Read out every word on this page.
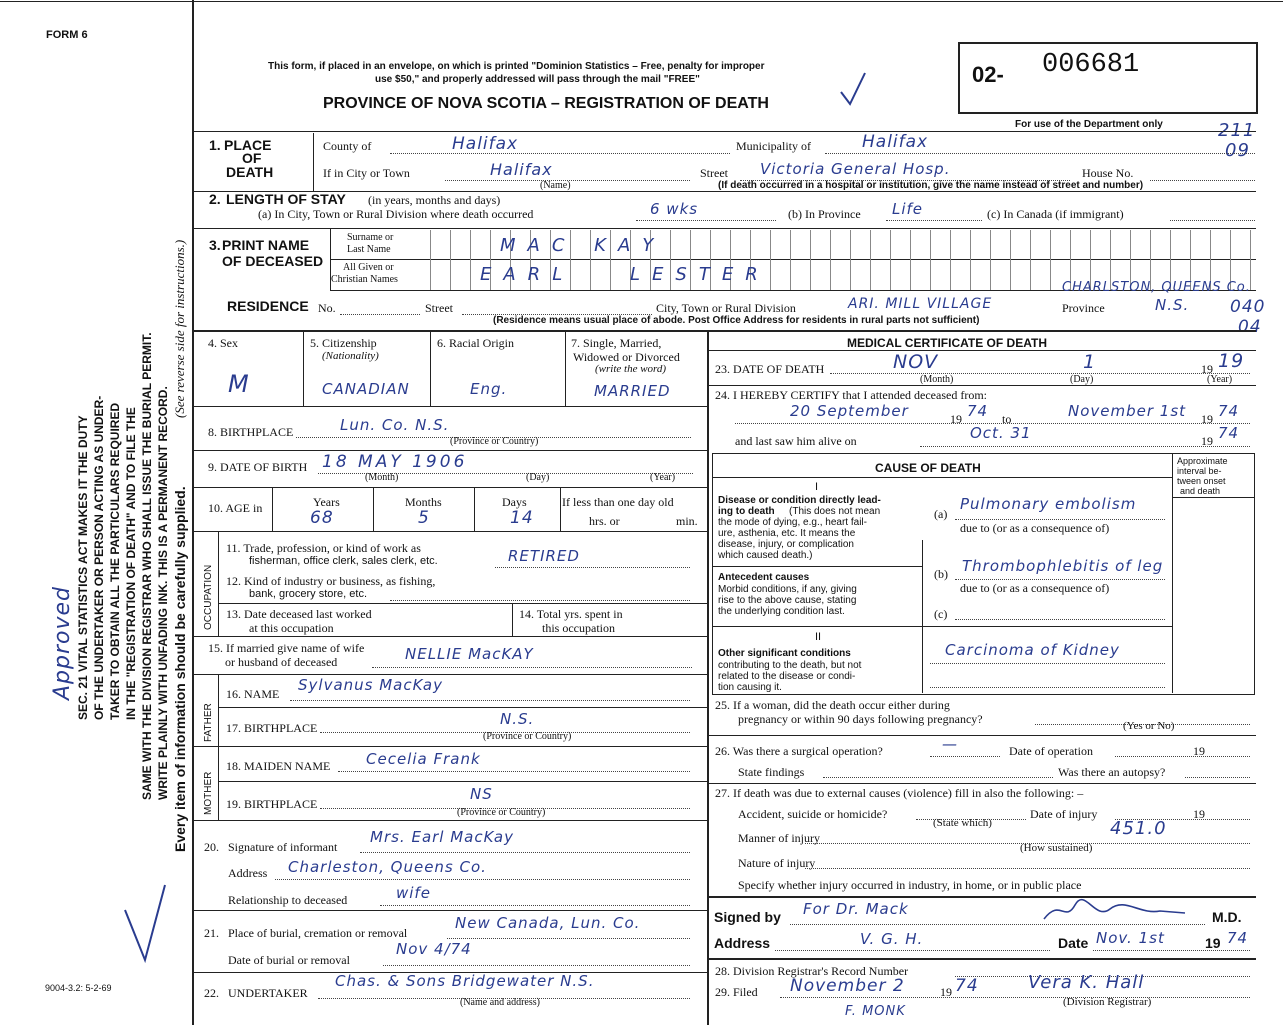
FORM 6
9004-3.2: 5-2-69
SEC. 21 VITAL STATISTICS ACT MAKES IT THE DUTY OF THE UNDERTAKER OR PERSON ACTING AS UNDER- TAKER TO OBTAIN ALL THE PARTICULARS REQUIRED IN THE "REGISTRATION OF DEATH" AND TO FILE THE SAME WITH THE DIVISION REGISTRAR WHO SHALL ISSUE THE BURIAL PERMIT. WRITE PLAINLY WITH UNFADING INK. THIS IS A PERMANENT RECORD. Every item of information should be carefully supplied.
(See reverse side for instructions.)
Approved
This form, if placed in an envelope, on which is printed "Dominion Statistics – Free, penalty for improper
use $50," and properly addressed will pass through the mail "FREE"
PROVINCE OF NOVA SCOTIA – REGISTRATION OF DEATH
02- 006681
For use of the Department only	211
09
1. PLACE
OF
DEATH
County of	Halifax	Municipality of	Halifax
If in City or Town	Halifax
(Name)
Street Victoria General Hosp.	House No.
(If death occurred in a hospital or institution, give the name instead of street and number)
2. LENGTH OF STAY (in years, months and days)
(a) In City, Town or Rural Division where death occurred	6 wks	(b) In Province Life	(c) In Canada (if immigrant)
3. PRINT NAME
OF DECEASED
Surname or
Last Name
All Given or
Christian Names
MAC KAY
EARL	LESTER
RESIDENCE No.	Street	City, Town or Rural Division	ARI. MILL VILLAGE
CHARLSTON, QUEENS Co.
Province	N.S. 040
04
(Residence means usual place of abode. Post Office Address for residents in rural parts not sufficient)
4. Sex
M
5. Citizenship
(Nationality)
CANADIAN
6. Racial Origin
Eng.
7. Single, Married,
Widowed or Divorced
(write the word)
MARRIED
8. BIRTHPLACE	Lun. Co. N.S.
(Province or Country)
9. DATE OF BIRTH 18 MAY 1906
(Month)	(Day)	(Year)
10. AGE in	Years
68
Months
5
Days
14
If less than one day old
hrs. or	min.
OCCUPATION
11. Trade, profession, or kind of work as
fisherman, office clerk, sales clerk, etc.	RETIRED
12. Kind of industry or business, as fishing,
bank, grocery store, etc.
13. Date deceased last worked
at this occupation
14. Total yrs. spent in
this occupation
15. If married give name of wife
or husband of deceased	NELLIE MacKAY
FATHER
16. NAME Sylvanus MacKay
17. BIRTHPLACE	N.S.
(Province or Country)
MOTHER
18. MAIDEN NAME Cecelia Frank
19. BIRTHPLACE
NS
(Province or Country)
20. Signature of informant
Mrs. Earl MacKay
Address Charleston, Queens Co.
Relationship to deceased	wife
21. Place of burial, cremation or removal
New Canada, Lun. Co.
Date of burial or removal
Nov 4/74
22. UNDERTAKER
Chas. & Sons Bridgewater N.S.
(Name and address)
MEDICAL CERTIFICATE OF DEATH
23. DATE OF DEATH	NOV	1	19 19
(Month)	(Day)	(Year)
24. I HEREBY CERTIFY that I attended deceased from:
20 September	19 74 to	November 1st 19 74
and last saw him alive on	Oct. 31	19 74
CAUSE OF DEATH	Approximate
interval be-
tween onset
and death
I
Disease or condition directly lead-
ing to death (This does not mean
the mode of dying, e.g., heart fail-
ure, asthenia, etc. It means the
disease, injury, or complication
which caused death.)
(a)
Pulmonary embolism
due to (or as a consequence of)
Antecedent causes
Morbid conditions, if any, giving
rise to the above cause, stating
the underlying condition last.
(b) Thrombophlebitis of leg
due to (or as a consequence of)
(c)
II
Other significant conditions
contributing to the death, but not
related to the disease or condi-
tion causing it.
Carcinoma of Kidney
25. If a woman, did the death occur either during
pregnancy or within 90 days following pregnancy?	(Yes or No)
26. Was there a surgical operation?	—	Date of operation	19
State findings	Was there an autopsy?
27. If death was due to external causes (violence) fill in also the following: –
Accident, suicide or homicide?	Date of injury	19
(State which)
Manner of injury	451.0
(How sustained)
Nature of injury
Specify whether injury occurred in industry, in home, or in public place
Signed by For Dr. Mack	M.D.
Address	V. G. H.	Date Nov. 1st	19 74
28. Division Registrar's Record Number
29. Filed November 2	19 74	Vera K. Hall
(Division Registrar)
F. MONK
